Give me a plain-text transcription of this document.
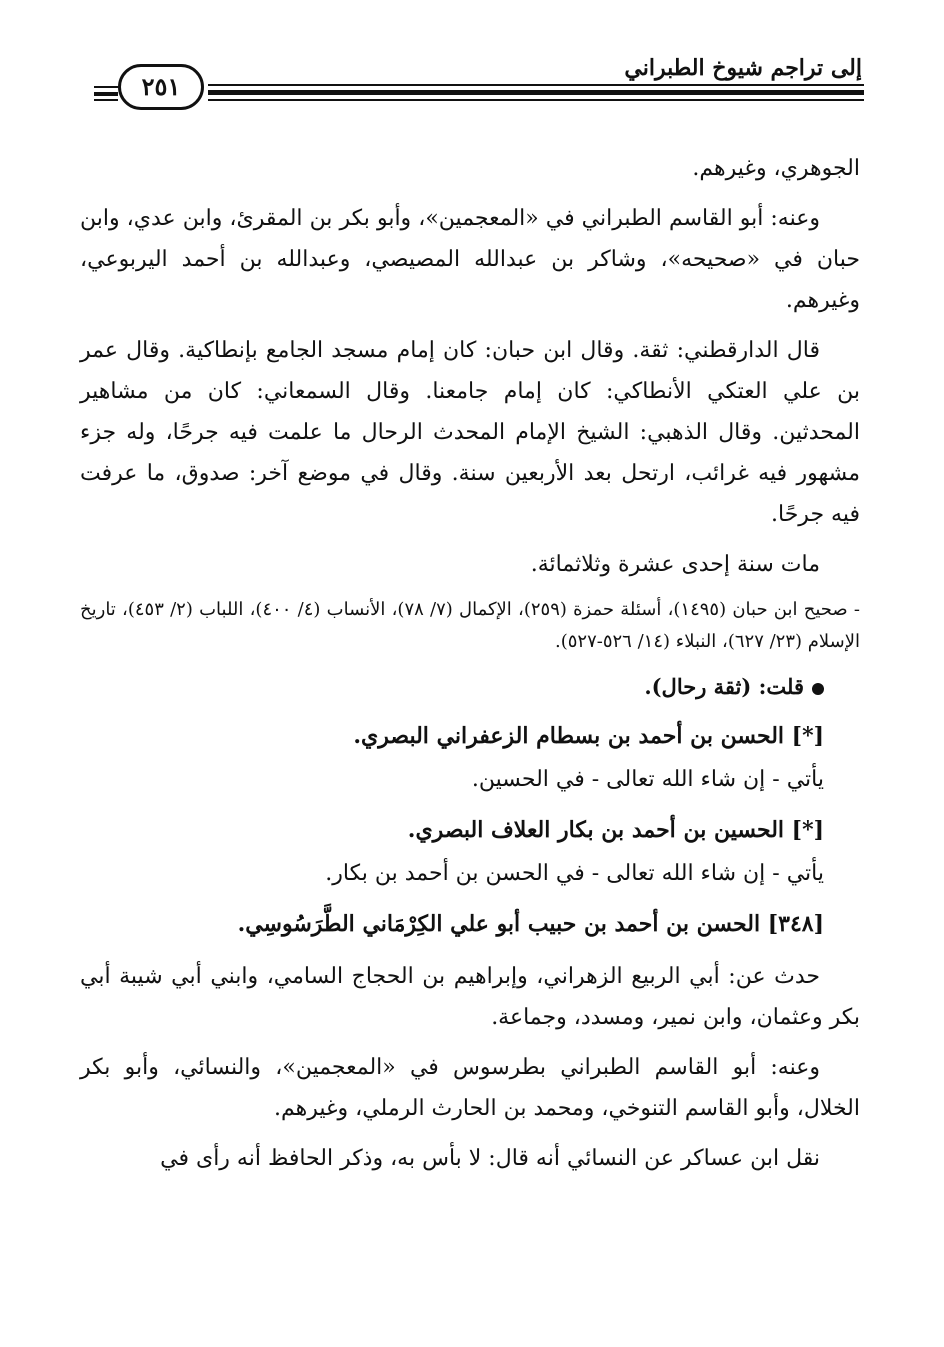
إلى تراجم شيوخ الطبراني
٢٥١

الجوهري، وغيرهم.

وعنه: أبو القاسم الطبراني في «المعجمين»، وأبو بكر بن المقرئ، وابن عدي، وابن حبان في «صحيحه»، وشاكر بن عبدالله المصيصي، وعبدالله بن أحمد اليربوعي، وغيرهم.

قال الدارقطني: ثقة. وقال ابن حبان: كان إمام مسجد الجامع بإنطاكية. وقال عمر بن علي العتكي الأنطاكي: كان إمام جامعنا. وقال السمعاني: كان من مشاهير المحدثين. وقال الذهبي: الشيخ الإمام المحدث الرحال ما علمت فيه جرحًا، وله جزء مشهور فيه غرائب، ارتحل بعد الأربعين سنة. وقال في موضع آخر: صدوق، ما عرفت فيه جرحًا.

مات سنة إحدى عشرة وثلاثمائة.

- صحيح ابن حبان (١٤٩٥)، أسئلة حمزة (٢٥٩)، الإكمال (٧/ ٧٨)، الأنساب (٤/ ٤٠٠)، اللباب (٢/ ٤٥٣)، تاريخ الإسلام (٢٣/ ٦٢٧)، النبلاء (١٤/ ٥٢٦-٥٢٧).

قلت: (ثقة رحال).

[*] الحسن بن أحمد بن بسطام الزعفراني البصري.

يأتي - إن شاء الله تعالى - في الحسين.

[*] الحسين بن أحمد بن بكار العلاف البصري.

يأتي - إن شاء الله تعالى - في الحسن بن أحمد بن بكار.

[٣٤٨] الحسن بن أحمد بن حبيب أبو علي الكِرْمَاني الطَّرَسُوسِي.

حدث عن: أبي الربيع الزهراني، وإبراهيم بن الحجاج السامي، وابني أبي شيبة أبي بكر وعثمان، وابن نمير، ومسدد، وجماعة.

وعنه: أبو القاسم الطبراني بطرسوس في «المعجمين»، والنسائي، وأبو بكر الخلال، وأبو القاسم التنوخي، ومحمد بن الحارث الرملي، وغيرهم.

نقل ابن عساكر عن النسائي أنه قال: لا بأس به، وذكر الحافظ أنه رأى في
